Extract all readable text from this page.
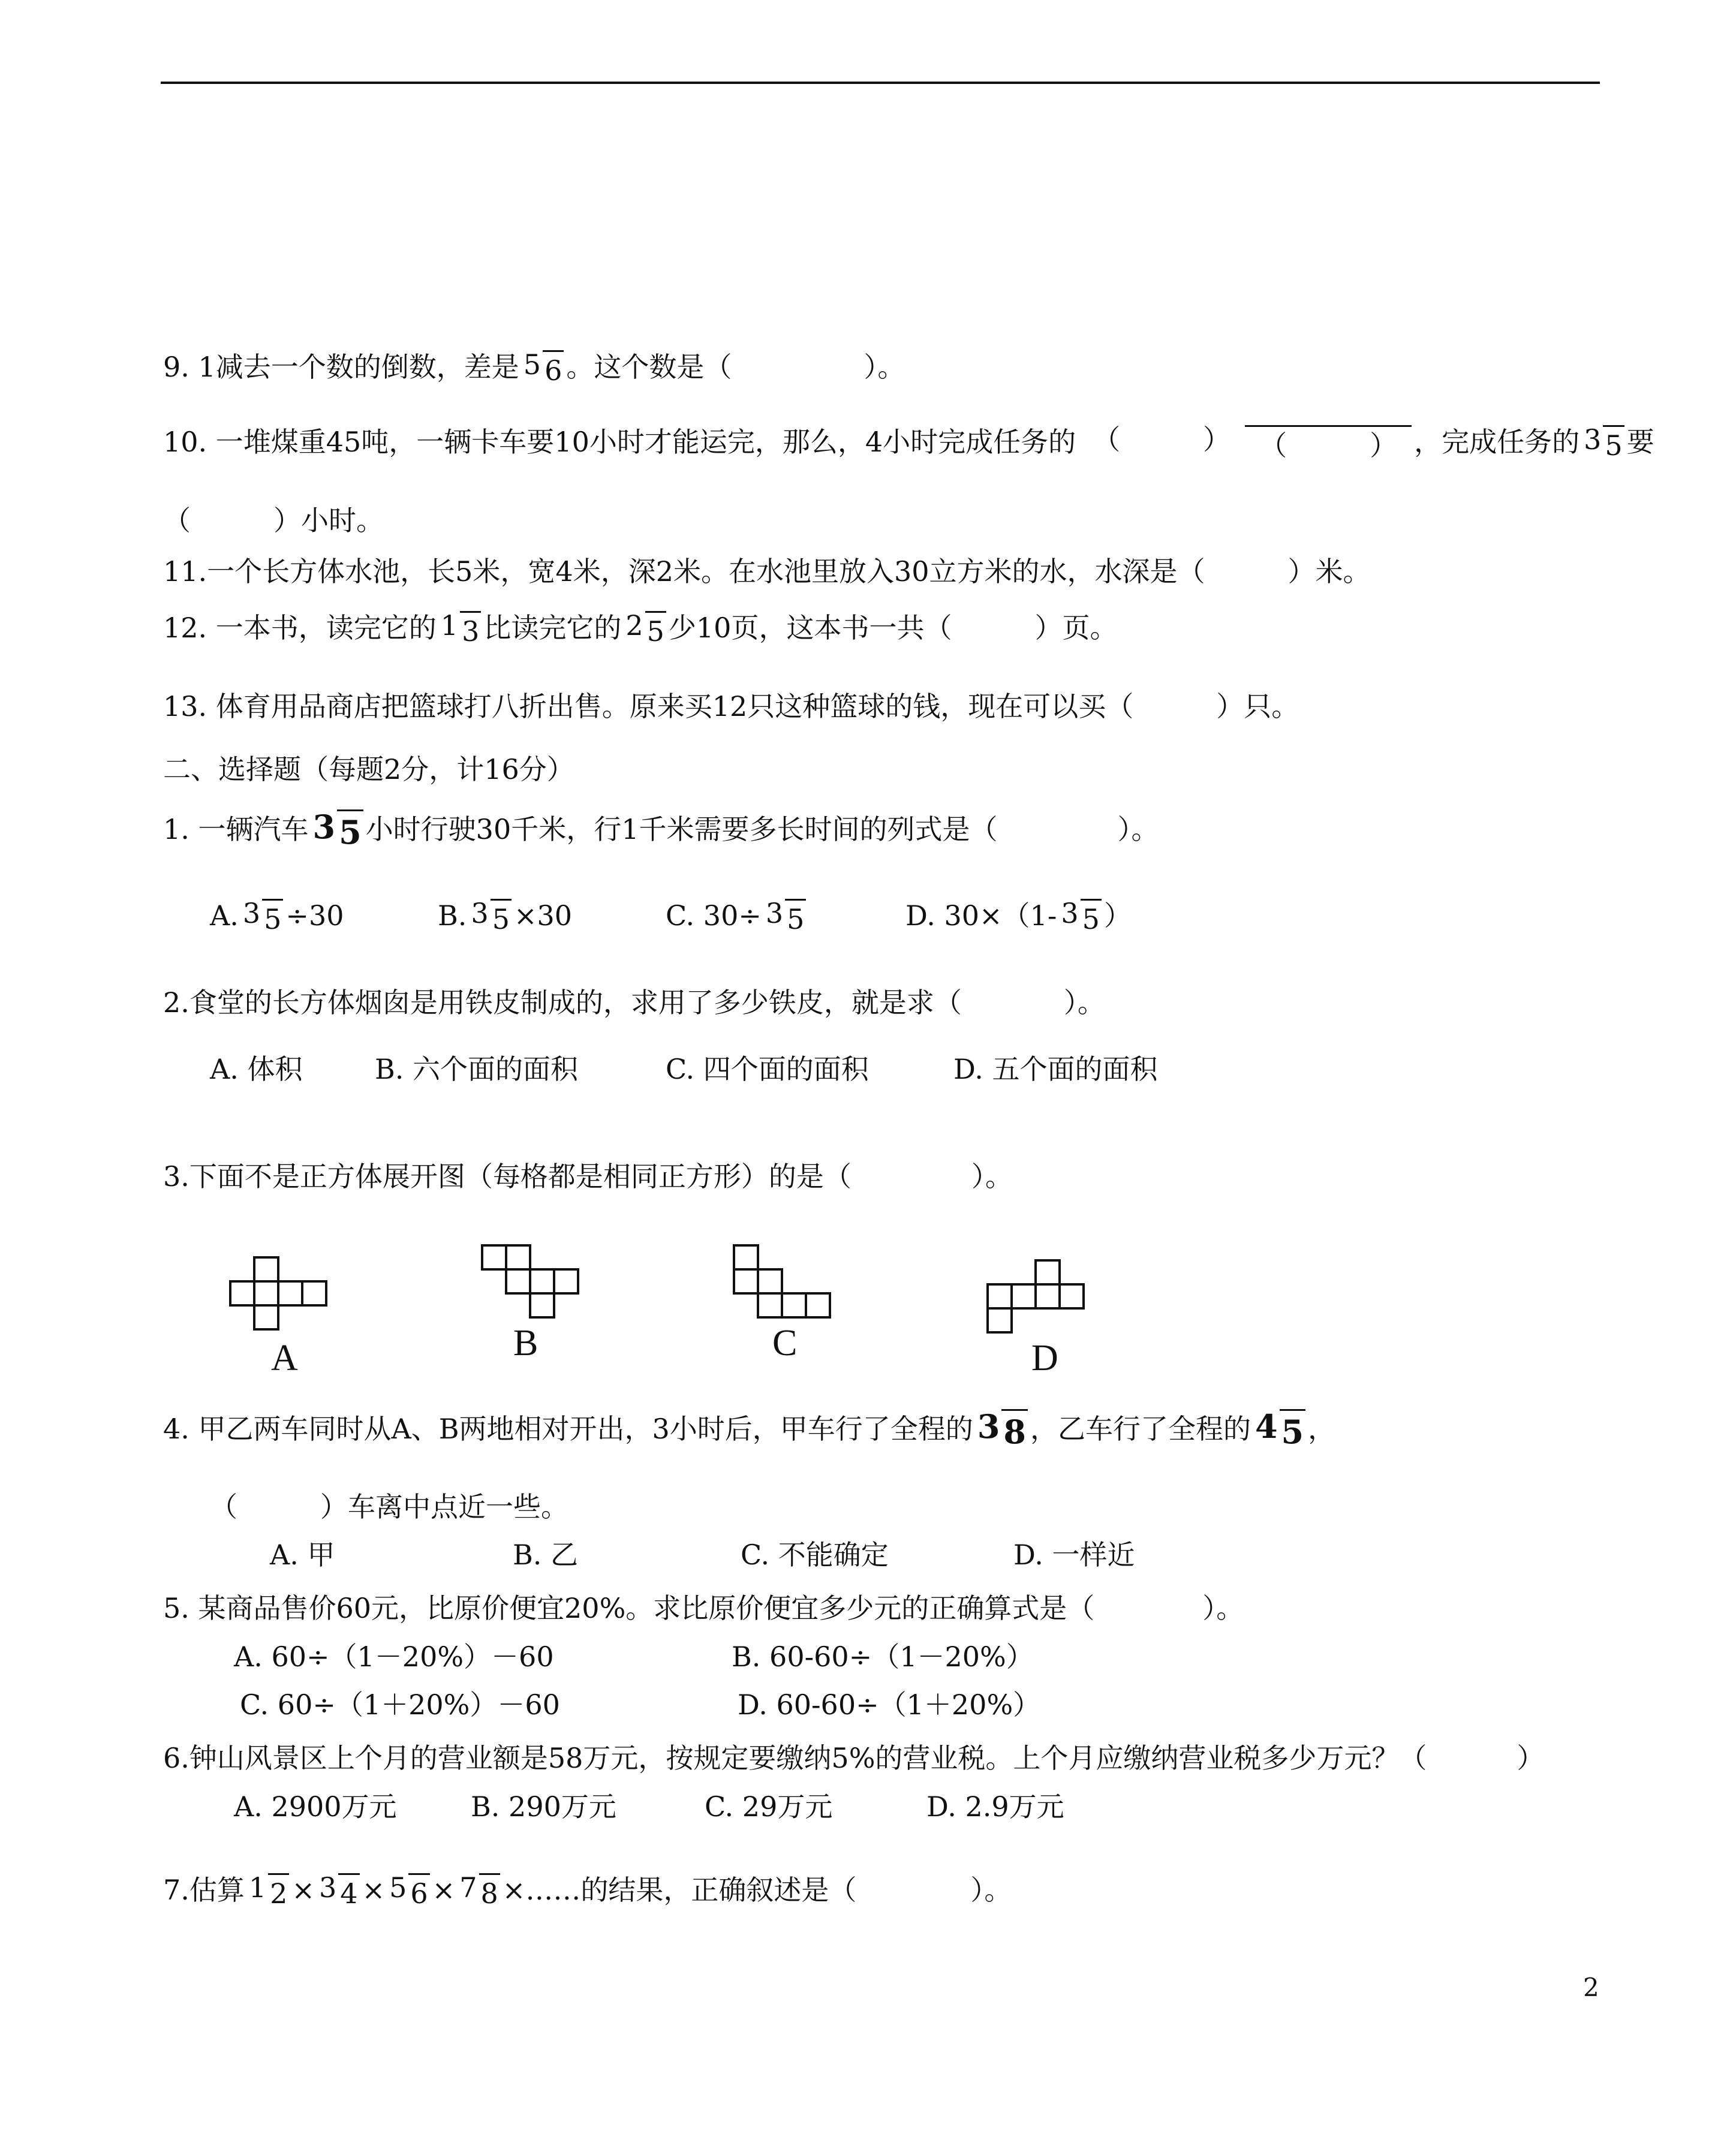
9. 1减去一个数的倒数，差是 5 6 。这个数是（	）。
10. 一堆煤重45吨，一辆卡车要10小时才能运完，那么，4小时完成任务的 （　　　） （　　　） ，完成任务的 3 5 要
（　　　）小时。
11.一个长方体水池，长5米，宽4米，深2米。在水池里放入30立方米的水，水深是（　　　）米。
12. 一本书，读完它的 1 3 比读完它的 2 5 少10页，这本书一共（　　　）页。
13. 体育用品商店把篮球打八折出售。原来买12只这种篮球的钱，现在可以买（　　　）只。
二、选择题（每题2分，计16分）
1. 一辆汽车 3 5 小时行驶30千米，行1千米需要多长时间的列式是（	）。
A. 3 5 ÷30	B. 3 5 ×30	C. 30÷ 3 5	D. 30×（1- 3 5 ）
2.食堂的长方体烟囱是用铁皮制成的，求用了多少铁皮，就是求（	）。
A. 体积	B. 六个面的面积	C. 四个面的面积	D. 五个面的面积
3.下面不是正方体展开图（每格都是相同正方形）的是（	）。
A	B	C	D
4. 甲乙两车同时从A、B两地相对开出，3小时后，甲车行了全程的 3 8 ，乙车行了全程的 4 5 ，
（　　　）车离中点近一些。
A. 甲	B. 乙	C. 不能确定	D. 一样近
5. 某商品售价60元，比原价便宜20%。求比原价便宜多少元的正确算式是（	）。
A. 60÷（1－20%）－60	B. 60-60÷（1－20%）
C. 60÷（1＋20%）－60	D. 60-60÷（1＋20%）
6.钟山风景区上个月的营业额是58万元，按规定要缴纳5%的营业税。上个月应缴纳营业税多少万元？（	）
A. 2900万元	B. 290万元	C. 29万元	D. 2.9万元
7.估算 1 2 × 3 4 × 5 6 × 7 8 ×……的结果，正确叙述是（	）。
2
